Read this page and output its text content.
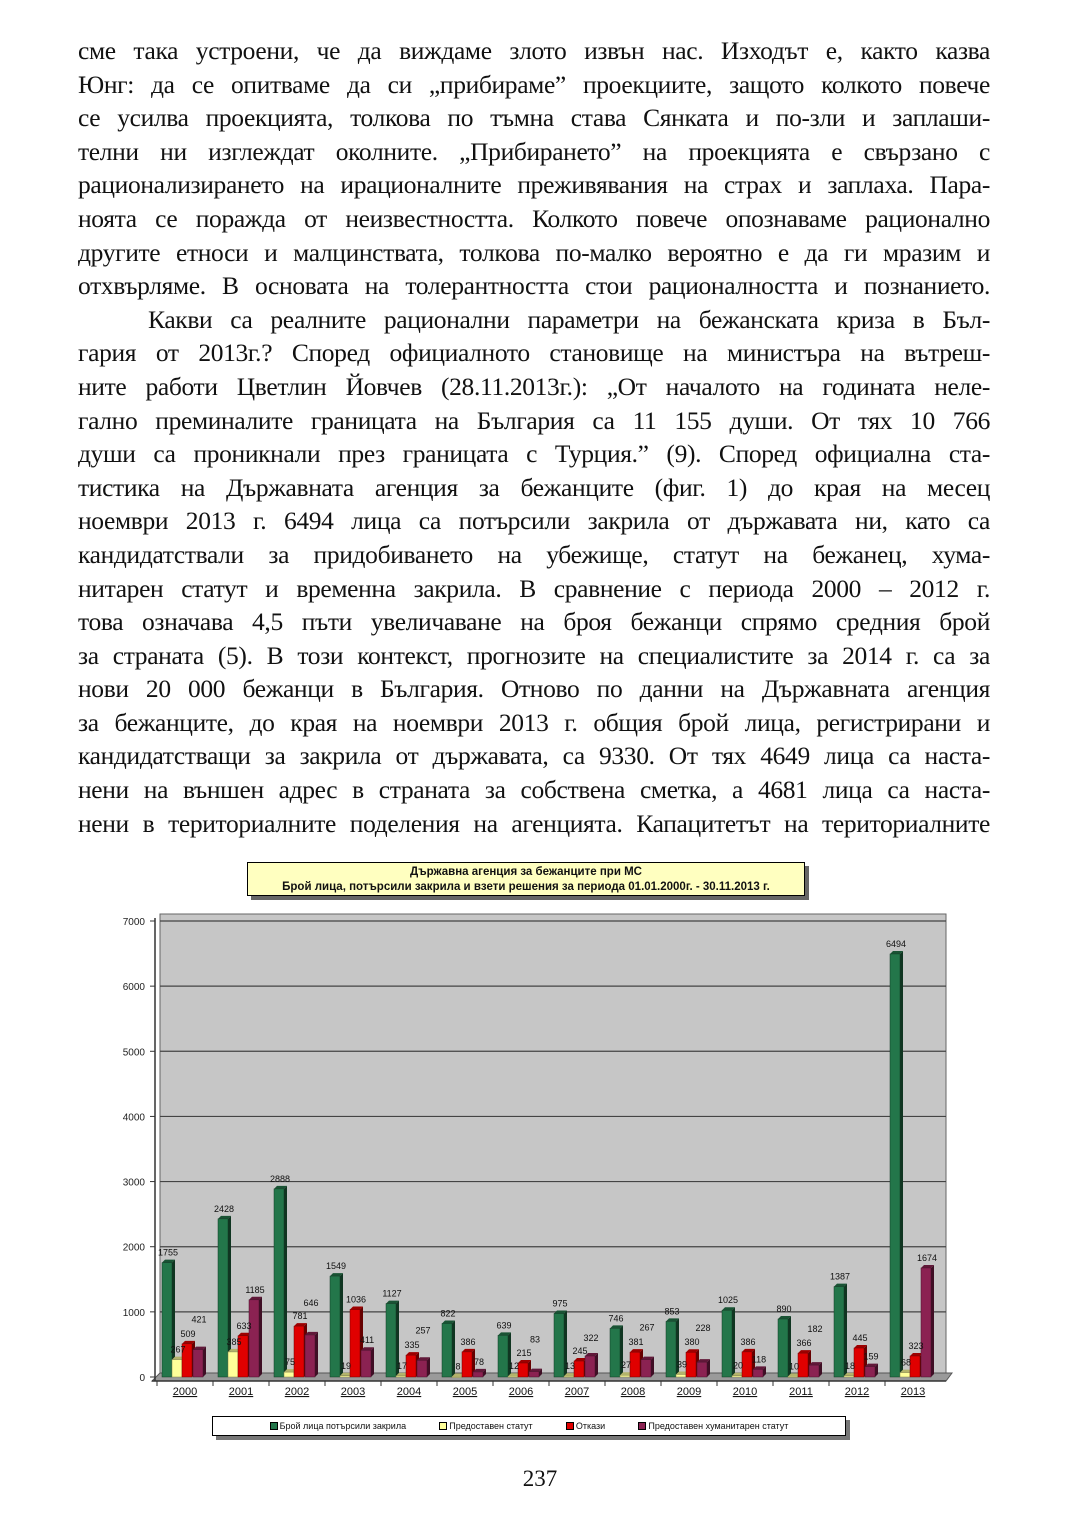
сме така устроени, че да виждаме злото извън нас. Изходът е, както казва
Юнг: да се опитваме да си „прибираме” проекциите, защото колкото повече
се усилва проекцията, толкова по тъмна става Сянката и по-зли и заплаши-
телни ни изглеждат околните. „Прибирането” на проекцията е свързано с
рационализирането на ирационалните преживявания на страх и заплаха. Пара-
ноята се поражда от неизвестността. Колкото повече опознаваме рационално
другите етноси и малцинствата, толкова по-малко вероятно е да ги мразим и
отхвърляме. В основата на толерантността стои рационалността и познанието.
Какви са реалните рационални параметри на бежанската криза в Бъл-
гария от 2013г.? Според официалното становище на министъра на вътреш-
ните работи Цветлин Йовчев (28.11.2013г.): „От началото на годината неле-
гално преминалите границата на България са 11 155 души. От тях 10 766
души са проникнали през границата с Турция.” (9). Според официална ста-
тистика на Държавната агенция за бежанците (фиг. 1) до края на месец
ноември 2013 г. 6494 лица са потърсили закрила от държавата ни, като са
кандидатствали за придобиването на убежище, статут на бежанец, хума-
нитарен статут и временна закрила. В сравнение с периода 2000 – 2012 г.
това означава 4,5 пъти увеличаване на броя бежанци спрямо средния брой
за страната (5). В този контекст, прогнозите на специалистите за 2014 г. са за
нови 20 000 бежанци в България. Отново по данни на Държавната агенция
за бежанците, до края на ноември 2013 г. общия брой лица, регистрирани и
кандидатстващи за закрила от държавата, са 9330. От тях 4649 лица са наста-
нени на външен адрес в страната за собствена сметка, а 4681 лица са наста-
нени в териториалните поделения на агенцията. Капацитетът на териториалните
Държавна агенция за бежанците при МС
Брой лица, потърсили закрила и взети решения за периода 01.01.2000г. - 30.11.2013 г.
0
1000
2000
3000
4000
5000
6000
7000
2000	2001	2002	2003	2004	2005	2006	2007	2008	2009	2010	2011	2012	2013
1755
267
509
421
2428
385
633
1185
2888
75
781
646
1549
19
1036
411
1127
17
335
257
822
8
386
78
639
12
215
83
975
13
245
322
746
27
381
267
853
39
380
228
1025
20
386
118
890
10
366
182
1387
18
445
159
6494
68
323
1674
Брой лица потърсили закрила	Предоставен статут	Откази	Предоставен хуманитарен статут
237
